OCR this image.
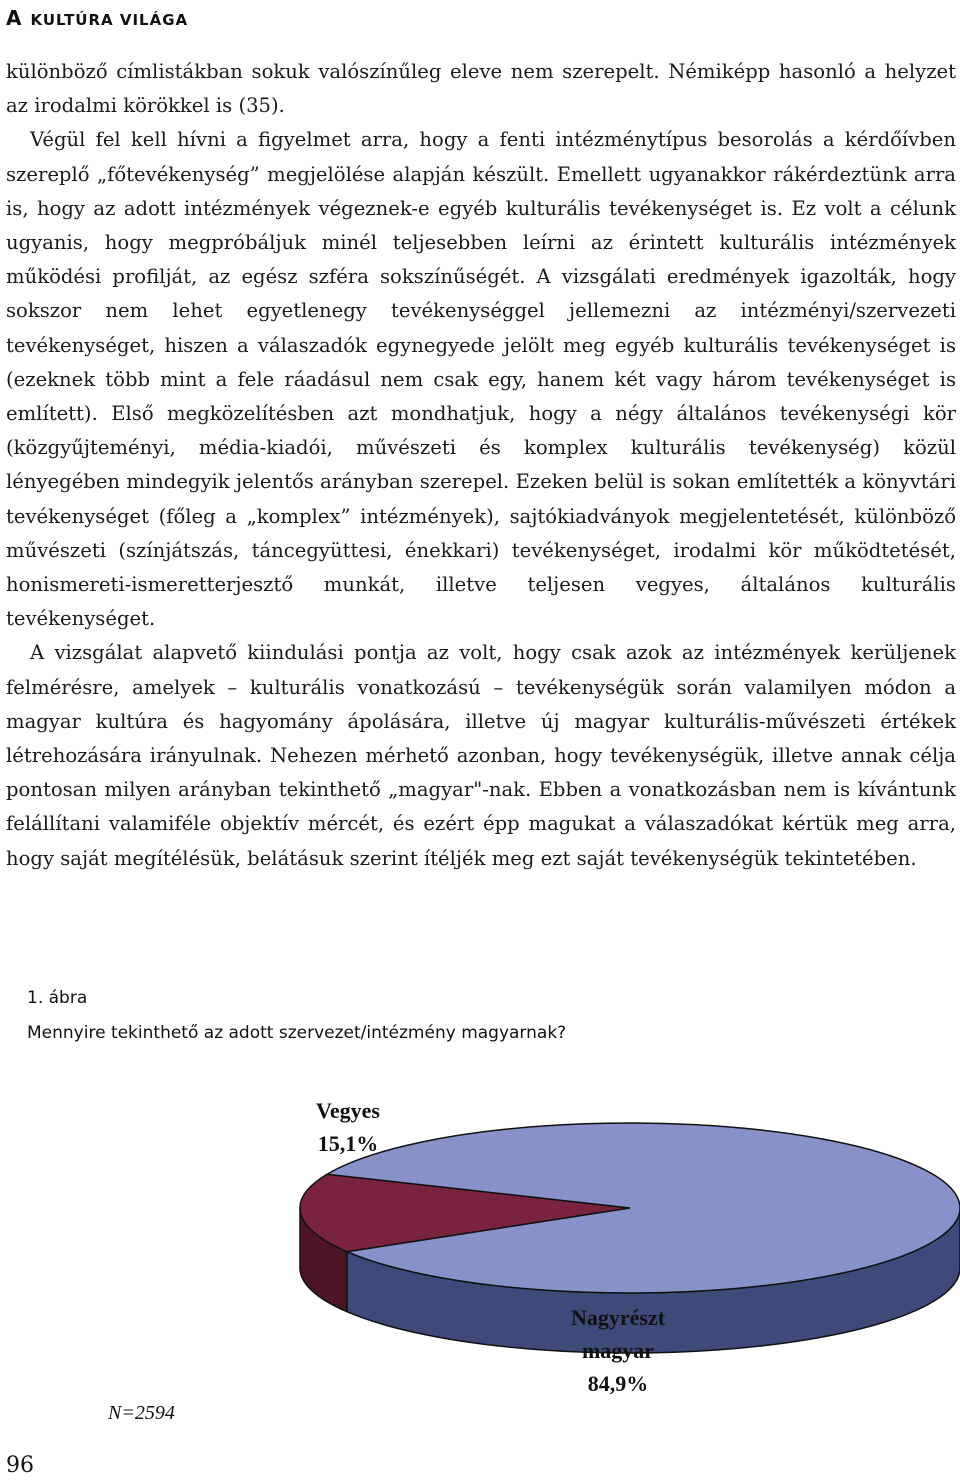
A KULTÚRA VILÁGA

különböző címlistákban sokuk valószínűleg eleve nem szerepelt. Némiképp hasonló a helyzet az irodalmi körökkel is (35).

Végül fel kell hívni a figyelmet arra, hogy a fenti intézménytípus besorolás a kérdőívben szereplő „főtevékenység” megjelölése alapján készült. Emellett ugyanakkor rákérdeztünk arra is, hogy az adott intézmények végeznek-e egyéb kulturális tevékenységet is. Ez volt a célunk ugyanis, hogy megpróbáljuk minél teljesebben leírni az érintett kulturális intézmények működési profilját, az egész szféra sokszínűségét. A vizsgálati eredmények igazolták, hogy sokszor nem lehet egyetlenegy tevékenységgel jellemezni az intézményi/szervezeti tevékenységet, hiszen a válaszadók egynegyede jelölt meg egyéb kulturális tevékenységet is (ezeknek több mint a fele ráadásul nem csak egy, hanem két vagy három tevékenységet is említett). Első megközelítésben azt mondhatjuk, hogy a négy általános tevékenységi kör (közgyűjteményi, média-kiadói, művészeti és komplex kulturális tevékenység) közül lényegében mindegyik jelentős arányban szerepel. Ezeken belül is sokan említették a könyvtári tevékenységet (főleg a „komplex” intézmények), sajtókiadványok megjelentetését, különböző művészeti (színjátszás, táncegyüttesi, énekkari) tevékenységet, irodalmi kör működtetését, honismereti-ismeretterjesztő munkát, illetve teljesen vegyes, általános kulturális tevékenységet.

A vizsgálat alapvető kiindulási pontja az volt, hogy csak azok az intézmények kerüljenek felmérésre, amelyek – kulturális vonatkozású – tevékenységük során valamilyen módon a magyar kultúra és hagyomány ápolására, illetve új magyar kulturális-művészeti értékek létrehozására irányulnak. Nehezen mérhető azonban, hogy tevékenységük, illetve annak célja pontosan milyen arányban tekinthető „magyar"-nak. Ebben a vonatkozásban nem is kívántunk felállítani valamiféle objektív mércét, és ezért épp magukat a válaszadókat kértük meg arra, hogy saját megítélésük, belátásuk szerint ítéljék meg ezt saját tevékenységük tekintetében.

1. ábra
Mennyire tekinthető az adott szervezet/intézmény magyarnak?
Vegyes
15,1%
Nagyrészt
magyar
84,9%
N=2594
96
